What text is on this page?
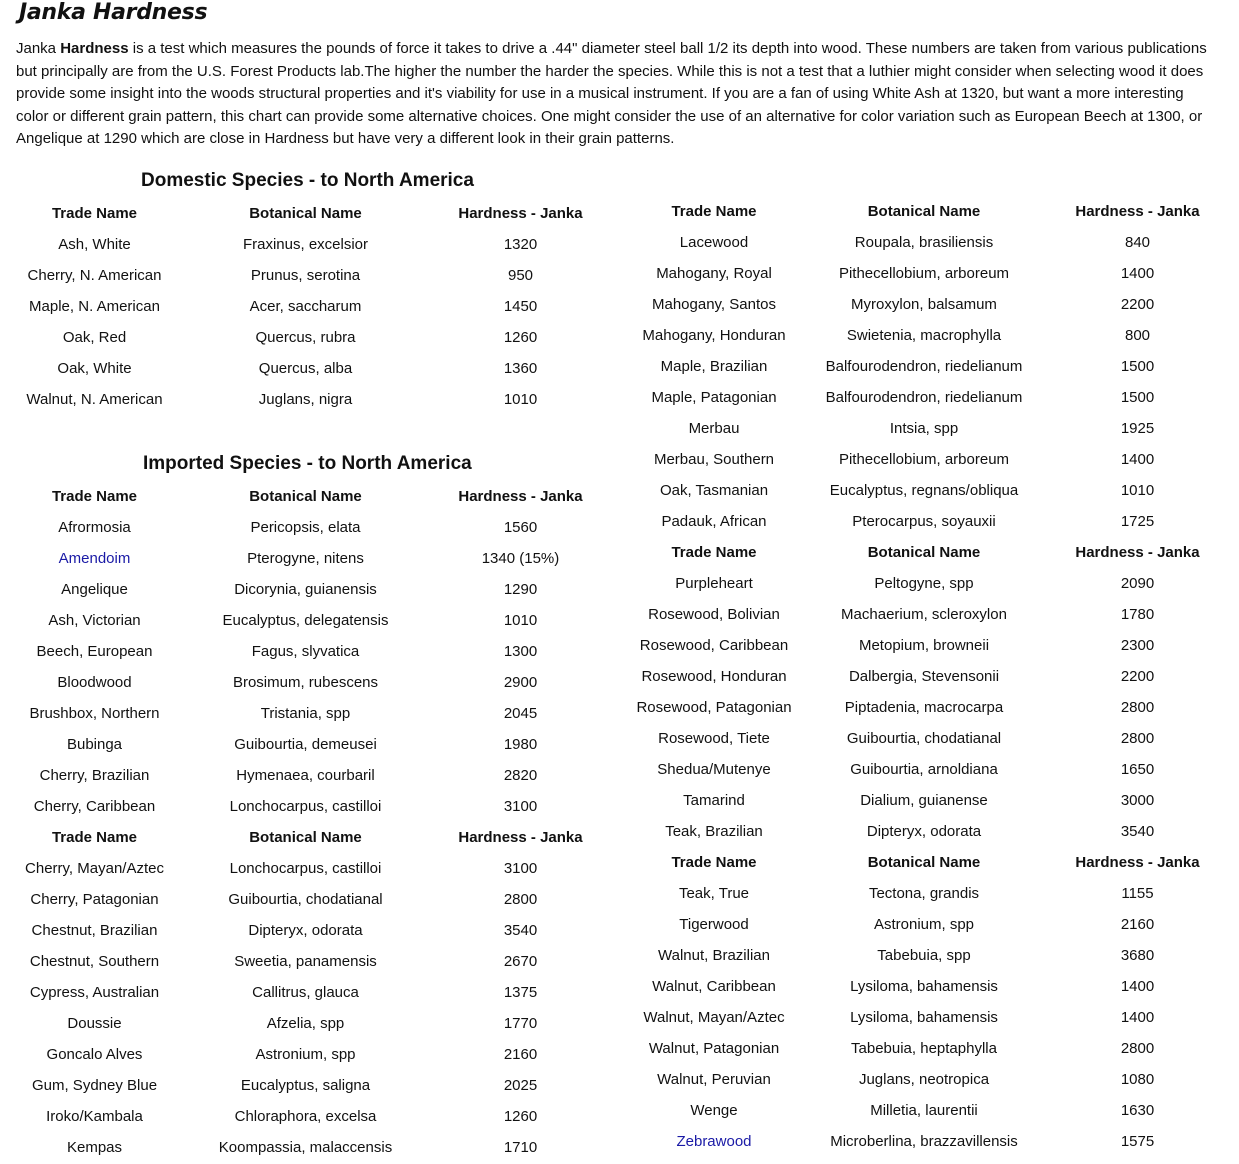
Janka Hardness
Janka Hardness is a test which measures the pounds of force it takes to drive a .44" diameter steel ball 1/2 its depth into wood. These numbers are taken from various publications but principally are from the U.S. Forest Products lab.The higher the number the harder the species. While this is not a test that a luthier might consider when selecting wood it does provide some insight into the woods structural properties and it's viability for use in a musical instrument. If you are a fan of using White Ash at 1320, but want a more interesting color or different grain pattern, this chart can provide some alternative choices. One might consider the use of an alternative for color variation such as European Beech at 1300, or Angelique at 1290 which are close in Hardness but have very a different look in their grain patterns.
Domestic Species - to North America
Imported Species - to North America
Trade Name	Botanical Name	Hardness - Janka
Ash, White	Fraxinus, excelsior	1320
Cherry, N. American	Prunus, serotina	950
Maple, N. American	Acer, saccharum	1450
Oak, Red	Quercus, rubra	1260
Oak, White	Quercus, alba	1360
Walnut, N. American	Juglans, nigra	1010
Trade Name	Botanical Name	Hardness - Janka
Afrormosia	Pericopsis, elata	1560
Amendoim	Pterogyne, nitens	1340 (15%)
Angelique	Dicorynia, guianensis	1290
Ash, Victorian	Eucalyptus, delegatensis	1010
Beech, European	Fagus, slyvatica	1300
Bloodwood	Brosimum, rubescens	2900
Brushbox, Northern	Tristania, spp	2045
Bubinga	Guibourtia, demeusei	1980
Cherry, Brazilian	Hymenaea, courbaril	2820
Cherry, Caribbean	Lonchocarpus, castilloi	3100
Trade Name	Botanical Name	Hardness - Janka
Cherry, Mayan/Aztec	Lonchocarpus, castilloi	3100
Cherry, Patagonian	Guibourtia, chodatianal	2800
Chestnut, Brazilian	Dipteryx, odorata	3540
Chestnut, Southern	Sweetia, panamensis	2670
Cypress, Australian	Callitrus, glauca	1375
Doussie	Afzelia, spp	1770
Goncalo Alves	Astronium, spp	2160
Gum, Sydney Blue	Eucalyptus, saligna	2025
Iroko/Kambala	Chloraphora, excelsa	1260
Kempas	Koompassia, malaccensis	1710
Trade Name	Botanical Name	Hardness - Janka
Lacewood	Roupala, brasiliensis	840
Mahogany, Royal	Pithecellobium, arboreum	1400
Mahogany, Santos	Myroxylon, balsamum	2200
Mahogany, Honduran	Swietenia, macrophylla	800
Maple, Brazilian	Balfourodendron, riedelianum	1500
Maple, Patagonian	Balfourodendron, riedelianum	1500
Merbau	Intsia, spp	1925
Merbau, Southern	Pithecellobium, arboreum	1400
Oak, Tasmanian	Eucalyptus, regnans/obliqua	1010
Padauk, African	Pterocarpus, soyauxii	1725
Trade Name	Botanical Name	Hardness - Janka
Purpleheart	Peltogyne, spp	2090
Rosewood, Bolivian	Machaerium, scleroxylon	1780
Rosewood, Caribbean	Metopium, browneii	2300
Rosewood, Honduran	Dalbergia, Stevensonii	2200
Rosewood, Patagonian	Piptadenia, macrocarpa	2800
Rosewood, Tiete	Guibourtia, chodatianal	2800
Shedua/Mutenye	Guibourtia, arnoldiana	1650
Tamarind	Dialium, guianense	3000
Teak, Brazilian	Dipteryx, odorata	3540
Trade Name	Botanical Name	Hardness - Janka
Teak, True	Tectona, grandis	1155
Tigerwood	Astronium, spp	2160
Walnut, Brazilian	Tabebuia, spp	3680
Walnut, Caribbean	Lysiloma, bahamensis	1400
Walnut, Mayan/Aztec	Lysiloma, bahamensis	1400
Walnut, Patagonian	Tabebuia, heptaphylla	2800
Walnut, Peruvian	Juglans, neotropica	1080
Wenge	Milletia, laurentii	1630
Zebrawood	Microberlina, brazzavillensis	1575
